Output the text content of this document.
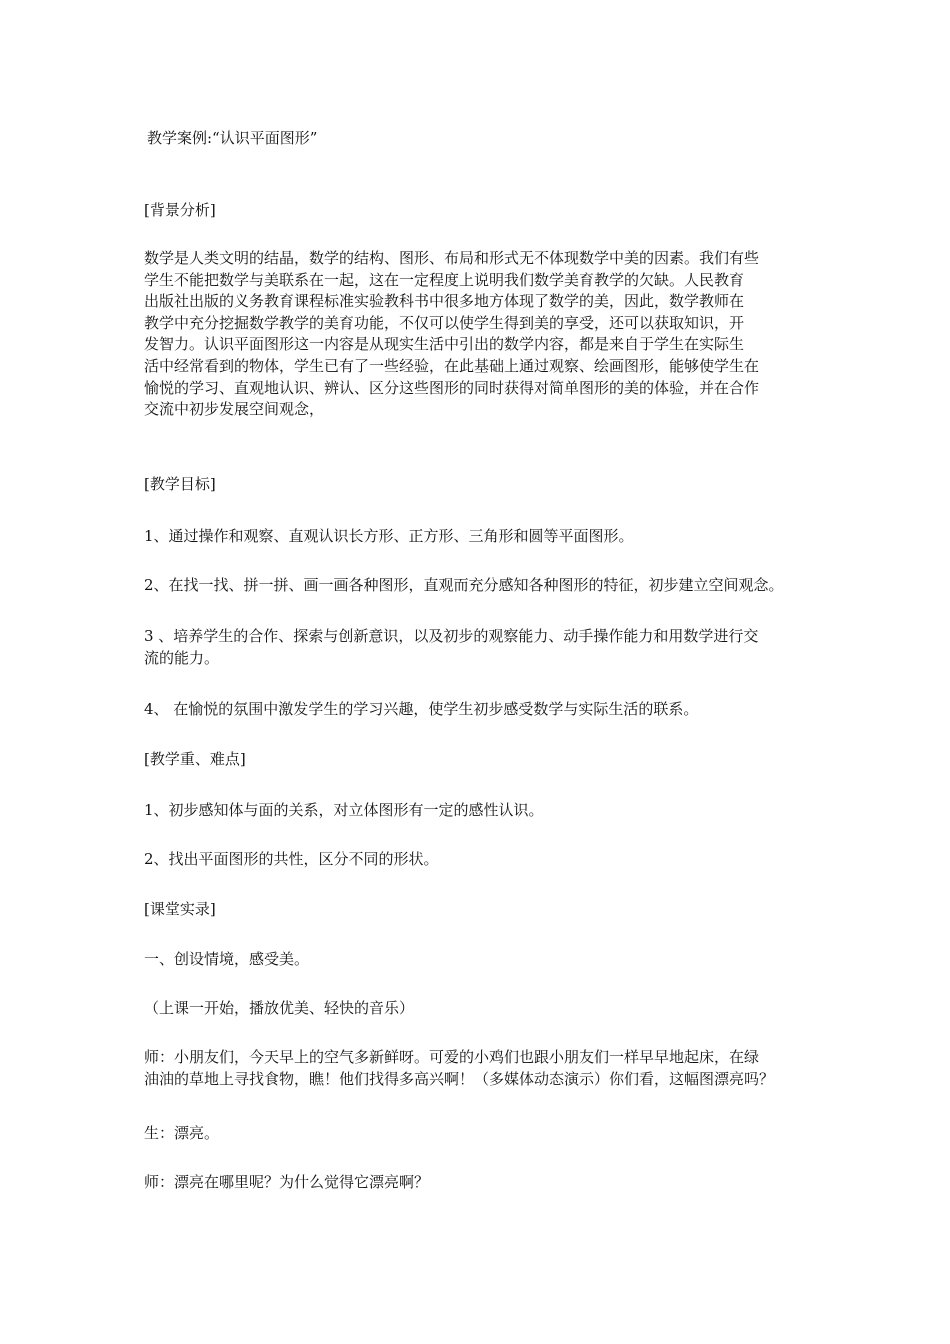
教学案例:“认识平面图形”
[背景分析]
数学是人类文明的结晶，数学的结构、图形、布局和形式无不体现数学中美的因素。我们有些
学生不能把数学与美联系在一起，这在一定程度上说明我们数学美育教学的欠缺。人民教育
出版社出版的义务教育课程标准实验教科书中很多地方体现了数学的美，因此，数学教师在
教学中充分挖掘数学教学的美育功能，不仅可以使学生得到美的享受，还可以获取知识，开
发智力。认识平面图形这一内容是从现实生活中引出的数学内容，都是来自于学生在实际生
活中经常看到的物体，学生已有了一些经验，在此基础上通过观察、绘画图形，能够使学生在
愉悦的学习、直观地认识、辨认、区分这些图形的同时获得对简单图形的美的体验，并在合作
交流中初步发展空间观念，
[教学目标]
1、通过操作和观察、直观认识长方形、正方形、三角形和圆等平面图形。
2、在找一找、拼一拼、画一画各种图形，直观而充分感知各种图形的特征，初步建立空间观念。
3 、培养学生的合作、探索与创新意识，以及初步的观察能力、动手操作能力和用数学进行交
流的能力。
4、 在愉悦的氛围中激发学生的学习兴趣，使学生初步感受数学与实际生活的联系。
[教学重、难点]
1、初步感知体与面的关系，对立体图形有一定的感性认识。
2、找出平面图形的共性，区分不同的形状。
[课堂实录]
一、创设情境，感受美。
（上课一开始，播放优美、轻快的音乐）
师：小朋友们，今天早上的空气多新鲜呀。可爱的小鸡们也跟小朋友们一样早早地起床，在绿
油油的草地上寻找食物，瞧！他们找得多高兴啊！（多媒体动态演示）你们看，这幅图漂亮吗？
生：漂亮。
师：漂亮在哪里呢？为什么觉得它漂亮啊？
